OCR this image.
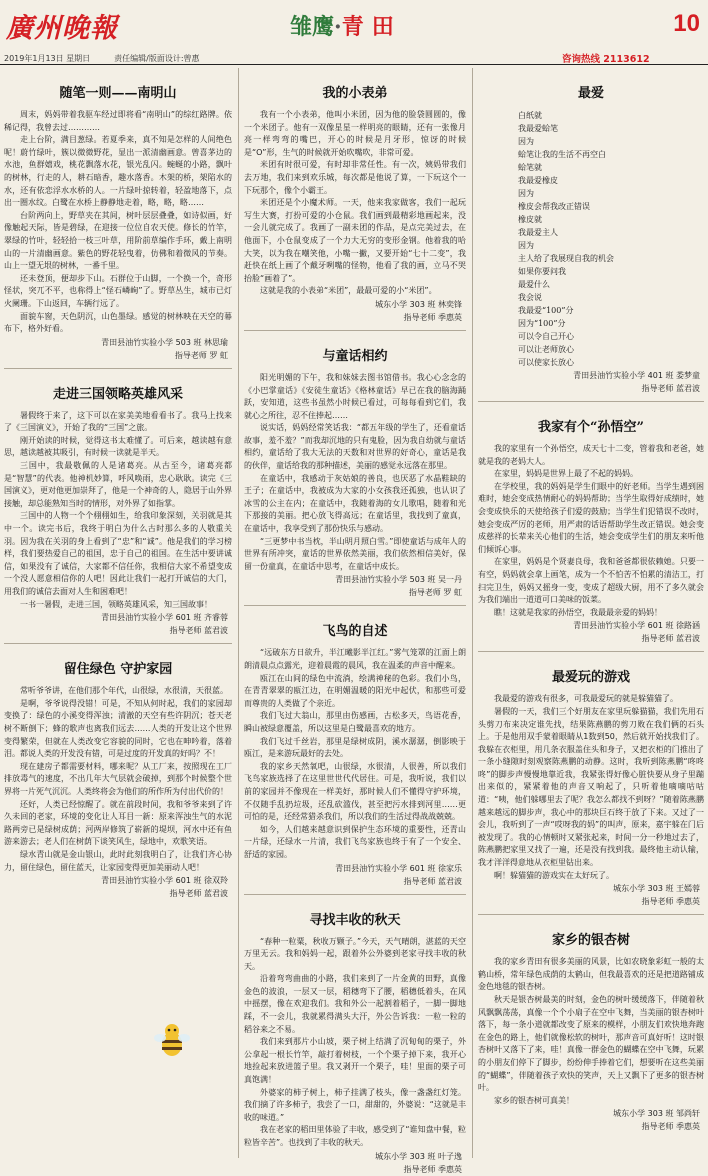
廣州晚報	雏鹰·青田	10
2019年1月13日 星期日　　　责任编辑/版面设计:曾惠	咨询热线 2113612
随笔一则——南明山

周末，妈妈带着我驱车经过即将看“南明山”的综红路牌。依稀记得，我曾去过…………

走上台阶，满目葱绿。若夏季来，真不知是怎样的人间绝色呢！蔚竹绿叶，簇以微微野花，显出一派清幽画意。曾喜茅边的水池，鱼群嬉戏，桃花飘落水花，银光乱闪。蜿蜒的小路，飘叶的树林，行走的人，耕石暗香，趣水落香。木架的桥，架陷水的水，还有依恋浮水水桥的人。一片绿叶掠转着，轻盈地落下，点出一圈水纹。白鹭在水桥上静静地走着，略，略，略……

台阶两向上，野草夹在其间，树叶层层叠叠，如诗似画，好像触起天际，皆是碧绿，在迎接一位位自农天使。修长的竹竿，翠绿的竹叶，轻轻拾一枝三叶草，用阶前草编作手环，戴上南明山的一片清幽画意。紫色的野花轻曳着，仿佛和着微风的节奏。山上一望无垠的树林，一番千里。

还未登顶，便却步下山。石群位于山脚，一个换一个，奇形怪状，突兀不平，也称得上“怪石嶙峋”了。野草丛生，城市已灯火阑珊。下山返回，车辆行远了。

面貌车窗，天色阴沉，山色墨绿。感觉的树林映在天空的幕布下，格外好看。

青田县油竹实验小学 503 班 林思瑜
指导老师 罗 虹
走进三国领略英雄风采

暑假终于来了，这下可以在家美美地看看书了。我马上找来了《三国演义》，开始了我的“三国”之旅。

刚开始读的时候，觉得这书太难懂了。可后来，越读越有意思，越读越被其吸引，有时候一读就是半天。

三国中，我最敬佩的人是诸葛亮。从古至今，诸葛亮都是“智慧”的代表。他神机妙算，呼风唤雨，忠心耿耿。读完《三国演义》，更对他更加崇拜了，他是一个神奇的人，隐居于山外界接触，却总能熟知当时的情形，对外界了如指掌。

三国中的人物一个个栩栩如生，给我印象深刻，关羽就是其中一个。读完书后，我终于明白为什么古时那么多的人敬重关羽。因为我在关羽的身上看到了“忠”和“诚”。他是我们的学习榜样，我们要热爱自己的祖国，忠于自己的祖国。在生活中要讲诚信，如果没有了诚信，大家都不信任你，我相信大家不希望变成一个没人愿意相信你的人吧！因此让我们一起打开诚信的大门，用我们的诚信去面对人生和困难吧！

一书一暑假，走进三国，领略英雄风采，知三国故事！

青田县油竹实验小学 601 班 齐睿蓉
指导老师 蓝君波
留住绿色 守护家园

常听爷爷讲，在他们那个年代，山很绿，水很清，天很蓝。

是啊，爷爷说得没错！可是，不知从何时起，我们的家园却变换了：绿色的小溪变得浑浊；清澈的天空有些许阴沉；苍天老树不断倒下；蜂的歌声也离我们远去……人类的开发让这个世界变得繁荣，但就在人类改变它容貌的同时，它也在呻吟着，落着泪。都说人类的开发没有错，可是过度的开发真的好吗？不！

现在建房子都需要材料，哪来呢？从工厂来，按照现在工厂排放毒气的速度，不出几年大气层就会破掉，到那个时候整个世界将一片死气沉沉。人类终将会为他们的所作所为付出代价的！

还好，人类已经惊醒了。就在前段时间，我和爷爷来到了许久未回的老家，环境的变化让人耳目一新：原来浑浊生气的水泥路两旁已是绿树成荫；河两岸修筑了崭新的堤坝，河水中还有鱼游来游去；老人们在树荫下谈笑风生，绿地中，欢歌笑语。

绿水青山就是金山银山，此时此刻我明白了，让我们齐心协力，留住绿色，留住蓝天，让家园变得更加美丽动人吧！

青田县油竹实验小学 601 班 徐双羚
指导老师 蓝君波
我的小表弟

我有一个小表弟，他叫小米团，因为他的脸袋圆圆的，像一个米团子。他有一双像星星一样明亮的眼睛，还有一张像月亮一样弯弯的嘴巴，开心的时候是月牙形，惊讶的时候是“O”形，生气的时候就开始吹嘴吹，非常可爱。

米团有时很可爱，有时却非常任性。有一次，姨妈带我们去万地，我们来到欢乐城，每次都是他说了算，一下玩这个一下玩那个，像个小霸王。

米团还是个小魔术师。一天，他来我家做客，我们一起玩写生大赛，打扮可爱的小仓鼠。我们画到最精彩地画起来，没一会儿就完成了。我画了一副未团的作品，是点完美过去，在他面下，小仓鼠变成了一个力大无穷的变形金钢。他着我的哈大笑，以为我在嘲笑他，小嘴一撇，又要开始“七十二变”，我赶快在纸上画了个戴牙咧嘴的怪物，他看了我的画，立马不哭抬脸“画着了”。

这就是我的小表弟“米团”，最最可爱的小“米团”。

城东小学 303 班 林奕锋
指导老师 季惠英
与童话相约

阳光明媚的下午，我和妹妹去图书馆借书。我心心念念的《小巴掌童话》《安徒生童话》《格林童话》早已在我的脑海踊跃，安知道，这些书虽然小时候已看过，可每每看到它们，我就心之所往，忍不住捧起……

说实话，妈妈经常笑话我：“都五年级的学生了，还看童话故事，羞不羞？”而我却沉地的只有鬼脸，因为我自幼就与童话相约，童话给了我大无法的天数和对世界的好奇心，童话是我的伙伴，童话给我的那种描述，美丽的感觉永远落在那里。

在童话中，我感动于灰姑娘的善良，也厌恶了水晶鞋缺的王子；在童话中，我被成为大家的小女孩我还孤独，也认识了冰雪的公主在内；在童话中，我随着海的女儿歌唱，随着和光下那接的美丽。把心放飞得高远；在童话里，我找到了童真，在童话中，我享受到了那份快乐与感动。

“三更梦中书当枕，半山明月照白雪。”即使童话与成年人的世界有所冲突，童话的世界依然美丽，我们依然相信美好，保留一份童真，在童话中思考，在童话中成长。

青田县油竹实验小学 503 班 吴一丹
指导老师 罗 虹
飞鸟的自述

“远破东方日欲升，半江曦影半江红。”雾气笼罩的江面上朗朗清晨点点露光，迎着晨霞的晨风，我在温柔的声音中醒来。

瓯江在山间的绿色中流淌，绘满神秘的色彩。我们小鸟，在青青翠翠的瓯江边，在明媚温暖的阳光中起伏，和那些可爱而尊贵的人类做了个亲近。

我们飞过大翁山，那里由伤感画，古松多天，鸟语花香，瞬山被绿意覆盖，所以这里是白鹭最喜欢的地方。

我们飞过千丝岩，那里是绿树成阴，溪水潺潺，倒影映于瓯江，是来游玩最好的去处。

我的家乡天然氧吧，山很绿，水很清，人很善，所以我们飞鸟家族选择了在这里世世代代居住。可是，我听说，我们以前的家园并不像现在一样美好，那时候人们不懂得守护环境，不仅随手乱扔垃圾，还乱砍滥伐，甚至把污水排到河里……更可怕的是，还经常猎杀我们，所以我们的生活过得战战兢兢。

如今，人们越来越意识到保护生态环境的重要性，还青山一片绿，还绿水一片清，我们飞鸟家族也终于有了一个安全、舒适的家园。

青田县油竹实验小学 601 班 徐家乐
指导老师 蓝君波
寻找丰收的秋天

“春种一粒粟，秋收万颗子。”今天，天气晴朗，湛蓝的天空万里无云。我和妈妈一起，跟着外公外婆到老家寻找丰收的秋天。

沿着弯弯曲曲的小路，我们来到了一片金黄的田野，真像金色的波浪，一层又一层，稻穗弯下了腰，稻穗低着头，在风中摇摆，像在欢迎我们。我和外公一起割着稻子，一脚一脚地踩，不一会儿，我就累得满头大汗，外公告诉我：一粒一粒的稻谷来之不易。

我们来到那片小山坡，栗子树上结满了沉甸甸的栗子，外公拿起一根长竹竿，敲打着树枝，一个个栗子掉下来，我开心地捡起来放进篮子里。我又剥开一个栗子，哇！里面的栗子可真饱满！

外婆家的柿子树上，柿子挂满了枝头，像一盏盏红灯笼。我们摘了许多柿子，我尝了一口，甜甜的，外婆说：“这就是丰收的味道。”

我在老家的稻田里体验了丰收，感受到了“谁知盘中餐，粒粒皆辛苦”。也找到了丰收的秋天。

城东小学 303 班 叶子逸
指导老师 季惠英
最爱
白纸就
我最爱蛤笔
因为
蛤笔让我的生活不再空白
蛤笔就
我最爱橡皮
因为
橡皮会帮我改正错误
橡皮就
我最爱主人
因为
主人给了我展现自我的机会
如果你要问我
最爱什么
我会说
我最爱“100”分
因为“100”分
可以令自己开心
可以让老师放心
可以使家长放心
青田县油竹实验小学 401 班 娄梦童
指导老师 蓝君波
我家有个“孙悟空”

我的家里有一个孙悟空，成天七十二变，管着我和老爸，她就是我的老妈大人。

在家里，妈妈是世界上最了不起的妈妈。

在学校里，我的妈妈是学生们眼中的好老师。当学生遇到困难时，她会变成热情耐心的妈妈帮助；当学生取得好成绩时，她会变成快乐的天使给孩子们爱的鼓励；当学生们犯错误不改时，她会变成严厉的老师，用严肃的话语帮助学生改正错误。她会变成慈祥的长辈来关心他们的生活，她会变成学生们的朋友来听他们倾诉心事。

在家里，妈妈是个贤妻良母，我和爸爸都很依赖她。只要一有空，妈妈就会拿上画笔，成为一个不怕苦不怕累的清洁工，打扫完卫生，妈妈又摇身一变，变成了超级大厨，用不了多久就会为我们端出一道道可口美味的饭菜。

瞧！这就是我家的孙悟空，我最最亲爱的妈妈！

青田县油竹实验小学 601 班 徐路涵
指导老师 蓝君波
最爱玩的游戏

我最爱的游戏有很多，可我最爱玩的就是躲猫猫了。

暑假的一天，我们三个好朋友在家里玩躲猫猫，我们先用石头剪刀布来决定谁先找，结果陈燕鹏的剪刀败在我们俩的石头上。于是他用双手蒙着眼睛从1数到50，然后就开始找我们了。我躲在衣柜里，用几条衣服盖住头和身子，又把衣柜的门推出了一条小缝隙时刻观察陈燕鹏的动静。这时，我听到陈燕鹏“咚咚咚”的脚步声慢慢地靠近我，我紧张得好像心脏快要从身子里蹦出来似的，紧紧着他的声音又响起了，只听着他嘀嘀咕咕道：“咦，他们躲哪里去了呢？我怎么都找不到呀？”随着陈燕鹏越来越远的脚步声，我心中的那块巨石终于放了下来。又过了一会儿，我听到了一声“哎呀我的妈”的叫声，原来，嘉宇躲在门后被发现了。我的心情顿时又紧张起来，时间一分一秒地过去了，陈燕鹏把家里又找了一遍，还是没有找到我。最终他主动认输，我才洋洋得意地从衣柜里钻出来。

啊！躲猫猫的游戏实在太好玩了。

城东小学 303 班 王嫣蓉
指导老师 季惠英
家乡的银杏树

我的家乡青田有很多美丽的风景，比如农晓象彩虹一般的太鹤山桥，常年绿色成荫的太鹤山，但我最喜欢的还是把道路铺成金色地毯的银杏树。

秋天是银杏树最美的时刻，金色的树叶缓缓落下，伴随着秋风飘飘荡荡，真像一个个小扇子在空中飞舞，当美丽的银杏树叶落下，每一条小道就都改变了原来的模样，小朋友们欢快地奔跑在金色的路上，他们就像松软的树叶，那声音可真好听！这时银杏树叶又落下了来，哇！真像一群金色的蝴蝶在空中飞舞，玩累的小朋友们停下了脚步，纷纷伸手捧着它们，想要听在这些美丽的“蝴蝶”，伴随着孩子欢快的笑声，天上又飘下了更多的银杏树叶。

家乡的银杏树可真美！

城东小学 303 班 邹尚轩
指导老师 季惠英
